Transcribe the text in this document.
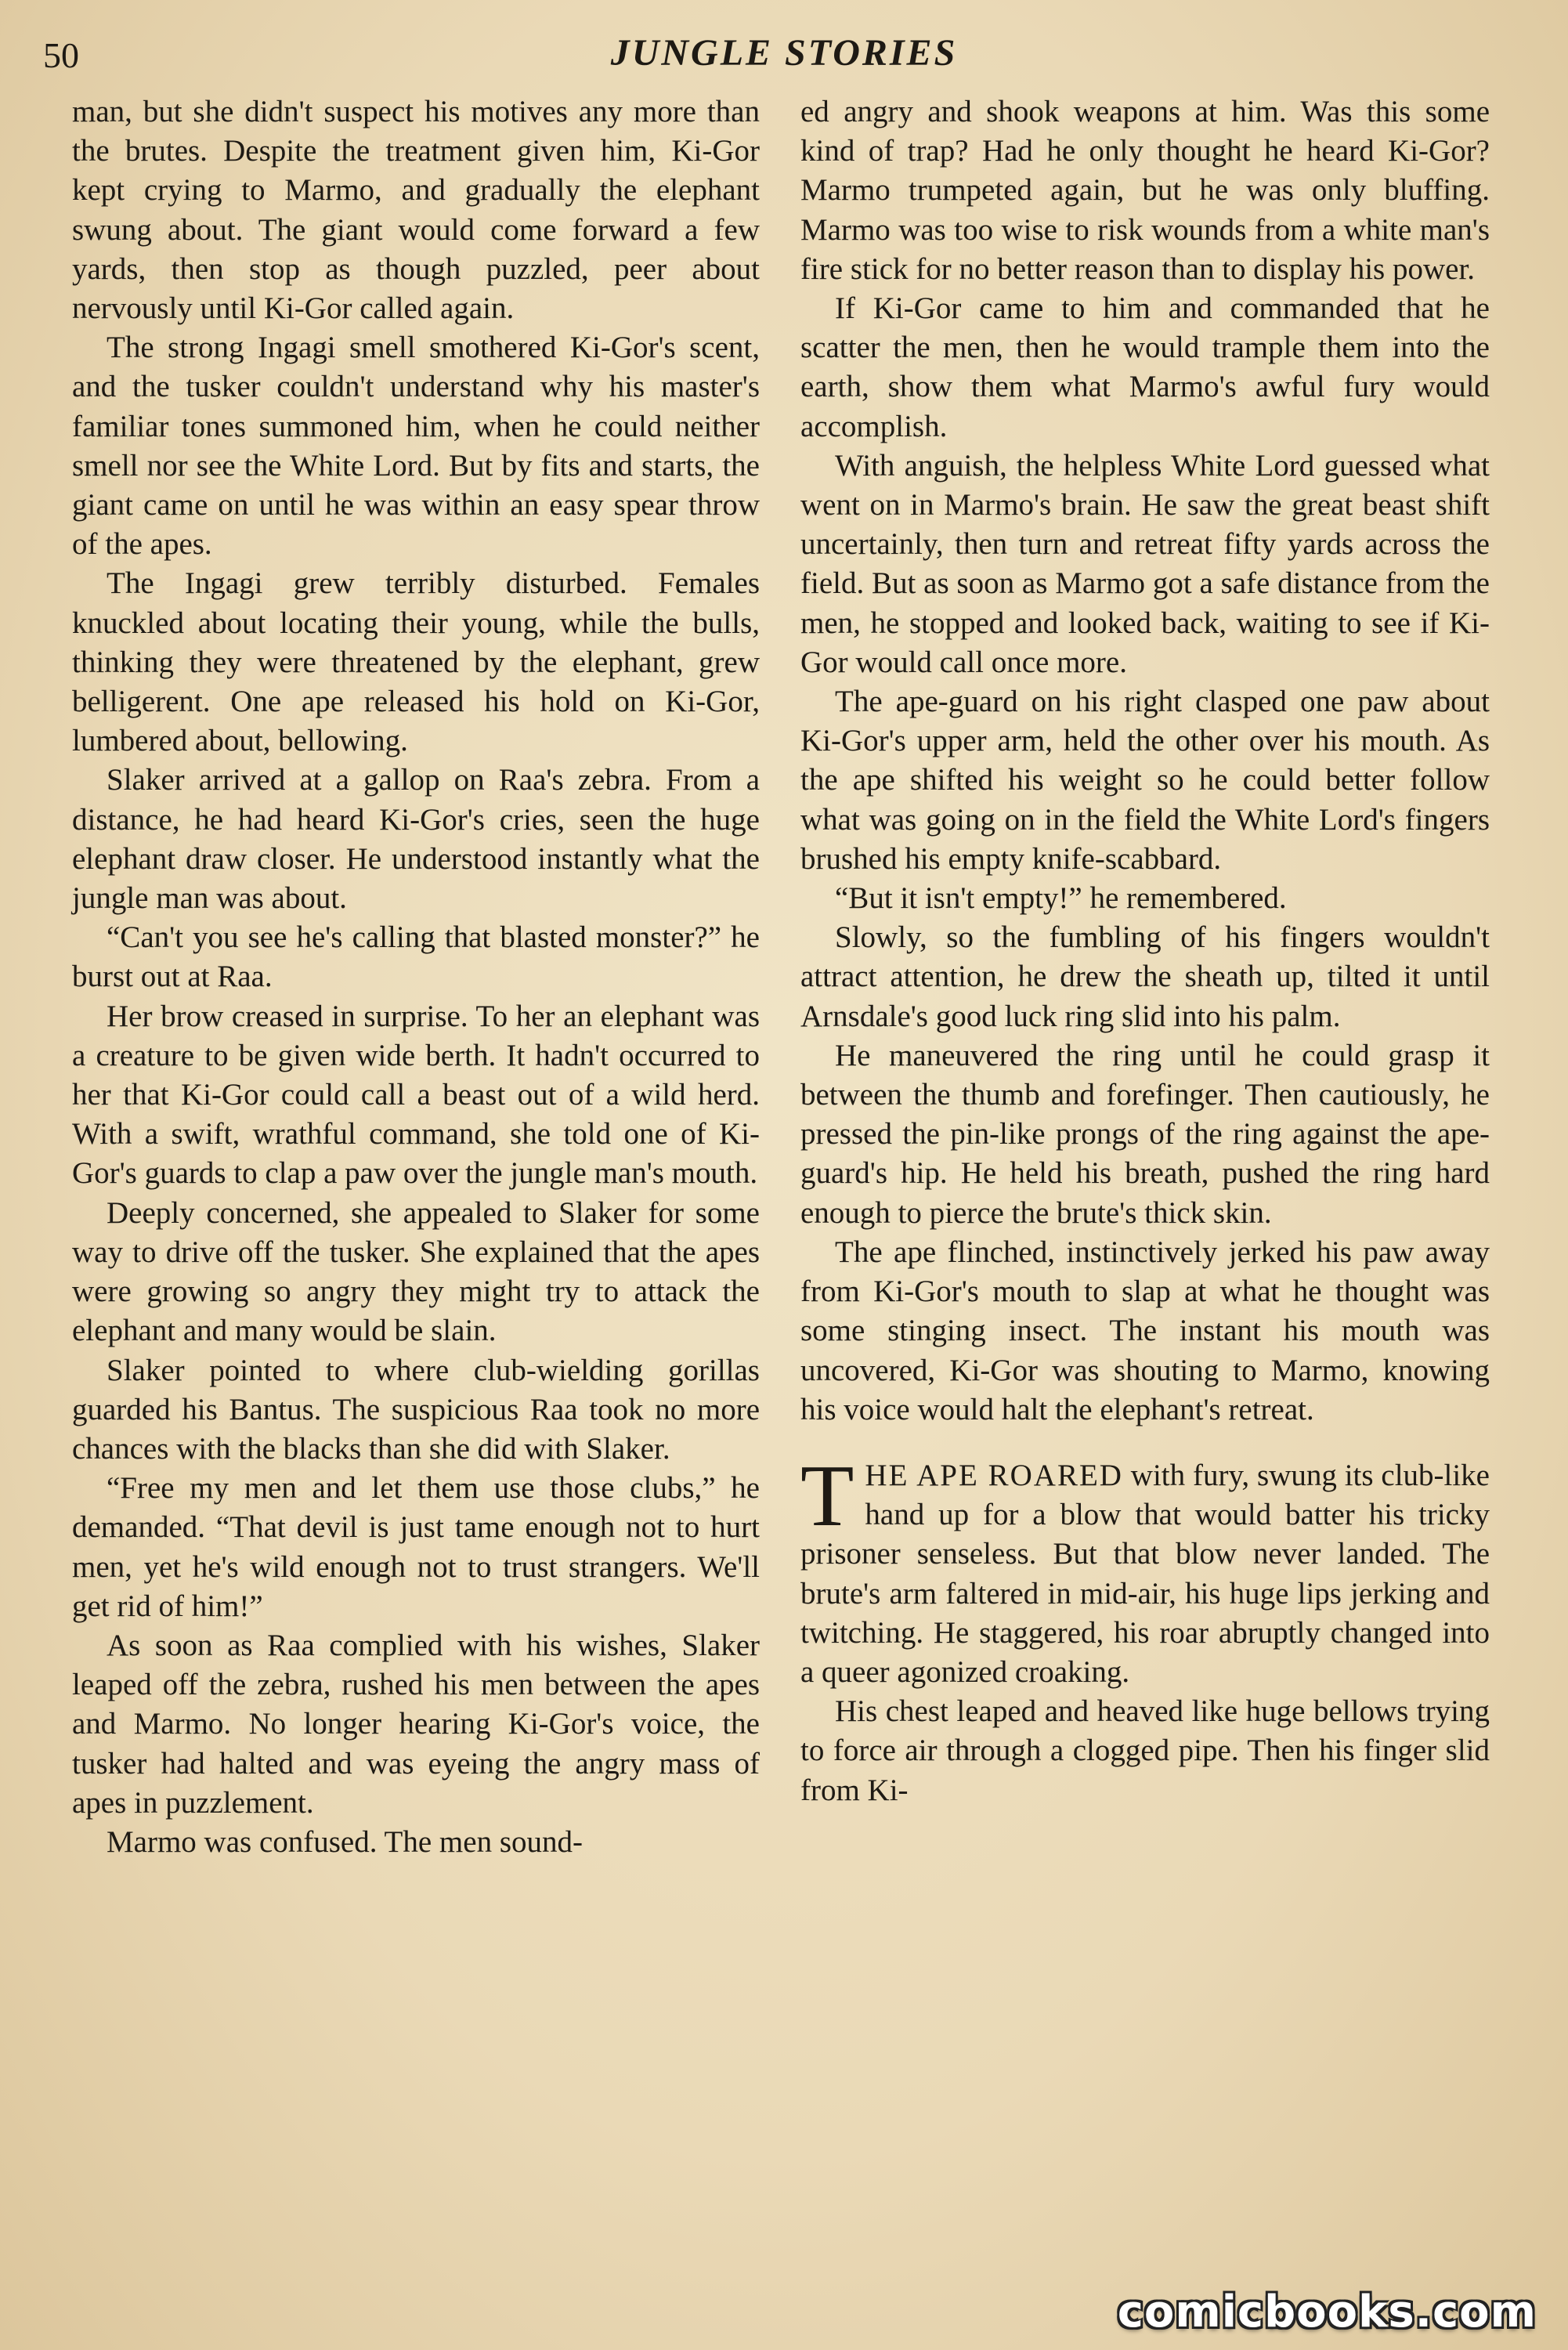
50	JUNGLE STORIES

man, but she didn't suspect his motives any more than the brutes. Despite the treatment given him, Ki-Gor kept crying to Marmo, and gradually the elephant swung about. The giant would come forward a few yards, then stop as though puzzled, peer about nervously until Ki-Gor called again.

The strong Ingagi smell smothered Ki-Gor's scent, and the tusker couldn't understand why his master's familiar tones summoned him, when he could neither smell nor see the White Lord. But by fits and starts, the giant came on until he was within an easy spear throw of the apes.

The Ingagi grew terribly disturbed. Females knuckled about locating their young, while the bulls, thinking they were threatened by the elephant, grew belligerent. One ape released his hold on Ki-Gor, lumbered about, bellowing.

Slaker arrived at a gallop on Raa's zebra. From a distance, he had heard Ki-Gor's cries, seen the huge elephant draw closer. He understood instantly what the jungle man was about.

“Can't you see he's calling that blasted monster?” he burst out at Raa.

Her brow creased in surprise. To her an elephant was a creature to be given wide berth. It hadn't occurred to her that Ki-Gor could call a beast out of a wild herd. With a swift, wrathful command, she told one of Ki-Gor's guards to clap a paw over the jungle man's mouth.

Deeply concerned, she appealed to Slaker for some way to drive off the tusker. She explained that the apes were growing so angry they might try to attack the elephant and many would be slain.

Slaker pointed to where club-wielding gorillas guarded his Bantus. The suspicious Raa took no more chances with the blacks than she did with Slaker.

“Free my men and let them use those clubs,” he demanded. “That devil is just tame enough not to hurt men, yet he's wild enough not to trust strangers. We'll get rid of him!”

As soon as Raa complied with his wishes, Slaker leaped off the zebra, rushed his men between the apes and Marmo. No longer hearing Ki-Gor's voice, the tusker had halted and was eyeing the angry mass of apes in puzzlement.

Marmo was confused. The men sound-

ed angry and shook weapons at him. Was this some kind of trap? Had he only thought he heard Ki-Gor? Marmo trumpeted again, but he was only bluffing. Marmo was too wise to risk wounds from a white man's fire stick for no better reason than to display his power.

If Ki-Gor came to him and commanded that he scatter the men, then he would trample them into the earth, show them what Marmo's awful fury would accomplish.

With anguish, the helpless White Lord guessed what went on in Marmo's brain. He saw the great beast shift uncertainly, then turn and retreat fifty yards across the field. But as soon as Marmo got a safe distance from the men, he stopped and looked back, waiting to see if Ki-Gor would call once more.

The ape-guard on his right clasped one paw about Ki-Gor's upper arm, held the other over his mouth. As the ape shifted his weight so he could better follow what was going on in the field the White Lord's fingers brushed his empty knife-scabbard.

“But it isn't empty!” he remembered.

Slowly, so the fumbling of his fingers wouldn't attract attention, he drew the sheath up, tilted it until Arnsdale's good luck ring slid into his palm.

He maneuvered the ring until he could grasp it between the thumb and forefinger. Then cautiously, he pressed the pin-like prongs of the ring against the ape-guard's hip. He held his breath, pushed the ring hard enough to pierce the brute's thick skin.

The ape flinched, instinctively jerked his paw away from Ki-Gor's mouth to slap at what he thought was some stinging insect. The instant his mouth was uncovered, Ki-Gor was shouting to Marmo, knowing his voice would halt the elephant's retreat.

THE APE ROARED with fury, swung its club-like hand up for a blow that would batter his tricky prisoner senseless. But that blow never landed. The brute's arm faltered in mid-air, his huge lips jerking and twitching. He staggered, his roar abruptly changed into a queer agonized croaking.

His chest leaped and heaved like huge bellows trying to force air through a clogged pipe. Then his finger slid from Ki-

comicbooks.com
